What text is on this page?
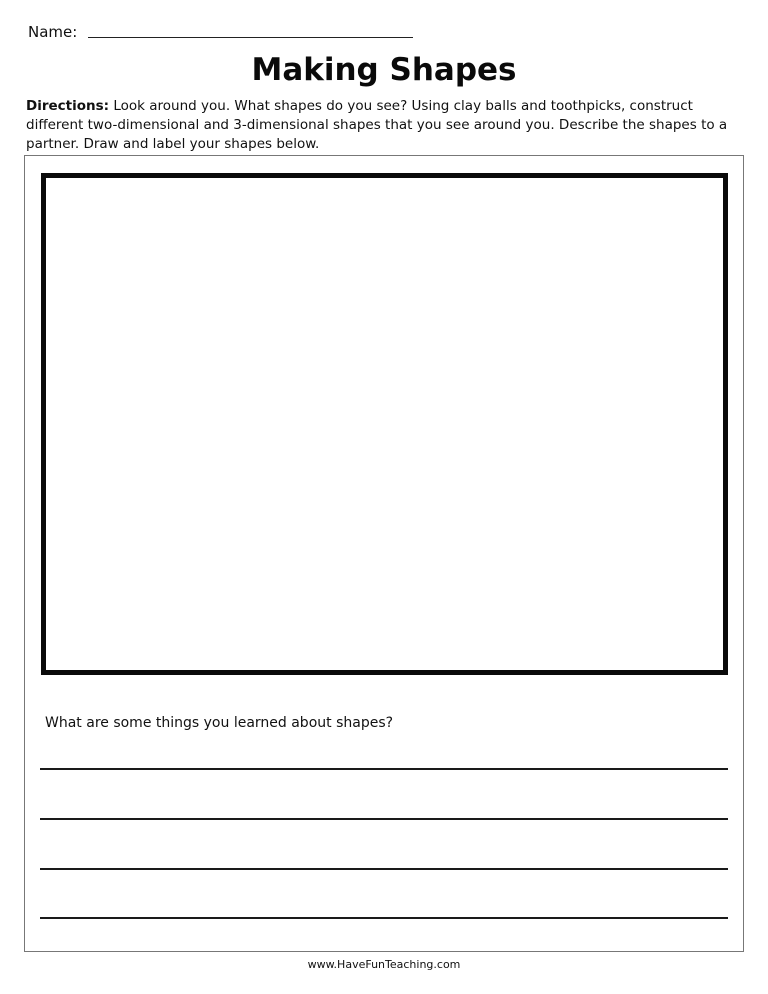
Name:
Making Shapes
Directions: Look around you. What shapes do you see? Using clay balls and toothpicks, construct different two-dimensional and 3-dimensional shapes that you see around you. Describe the shapes to a partner. Draw and label your shapes below.
What are some things you learned about shapes?
www.HaveFunTeaching.com
